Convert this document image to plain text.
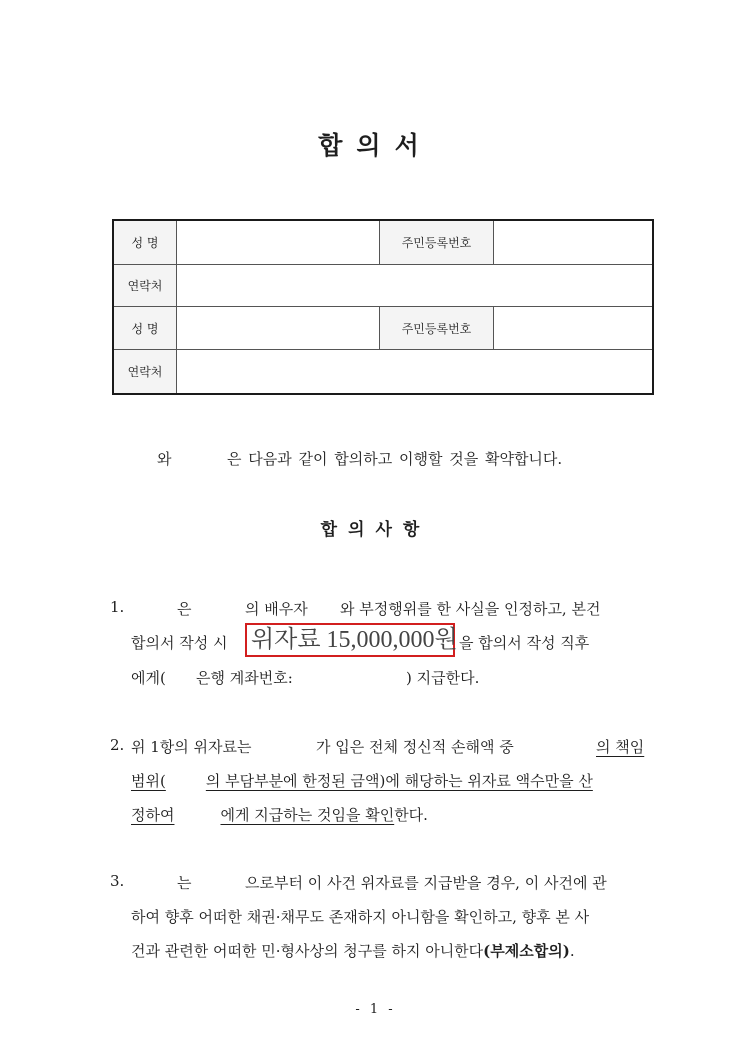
합의서
성 명		주민등록번호	
연락처			
성 명		주민등록번호	
연락처			
와	은 다음과 같이 합의하고 이행할 것을 확약합니다.
합의사항
1.	은	의 배우자 와 부정행위를 한 사실을 인정하고, 본건
합의서 작성 시 위자료 15,000,000원 을 합의서 작성 직후
에게( 은행 계좌번호:	) 지급한다.
2. 위 1항의 위자료는	가 입은 전체 정신적 손해액 중	의 책임
범위(	의 부담부분에 한정된 금액)에 해당하는 위자료 액수만을 산
정하여	에게 지급하는 것임을 확인한다.
3.	는	으로부터 이 사건 위자료를 지급받을 경우, 이 사건에 관
하여 향후 어떠한 채권·채무도 존재하지 아니함을 확인하고, 향후 본 사
건과 관련한 어떠한 민·형사상의 청구를 하지 아니한다(부제소합의).
- 1 -
